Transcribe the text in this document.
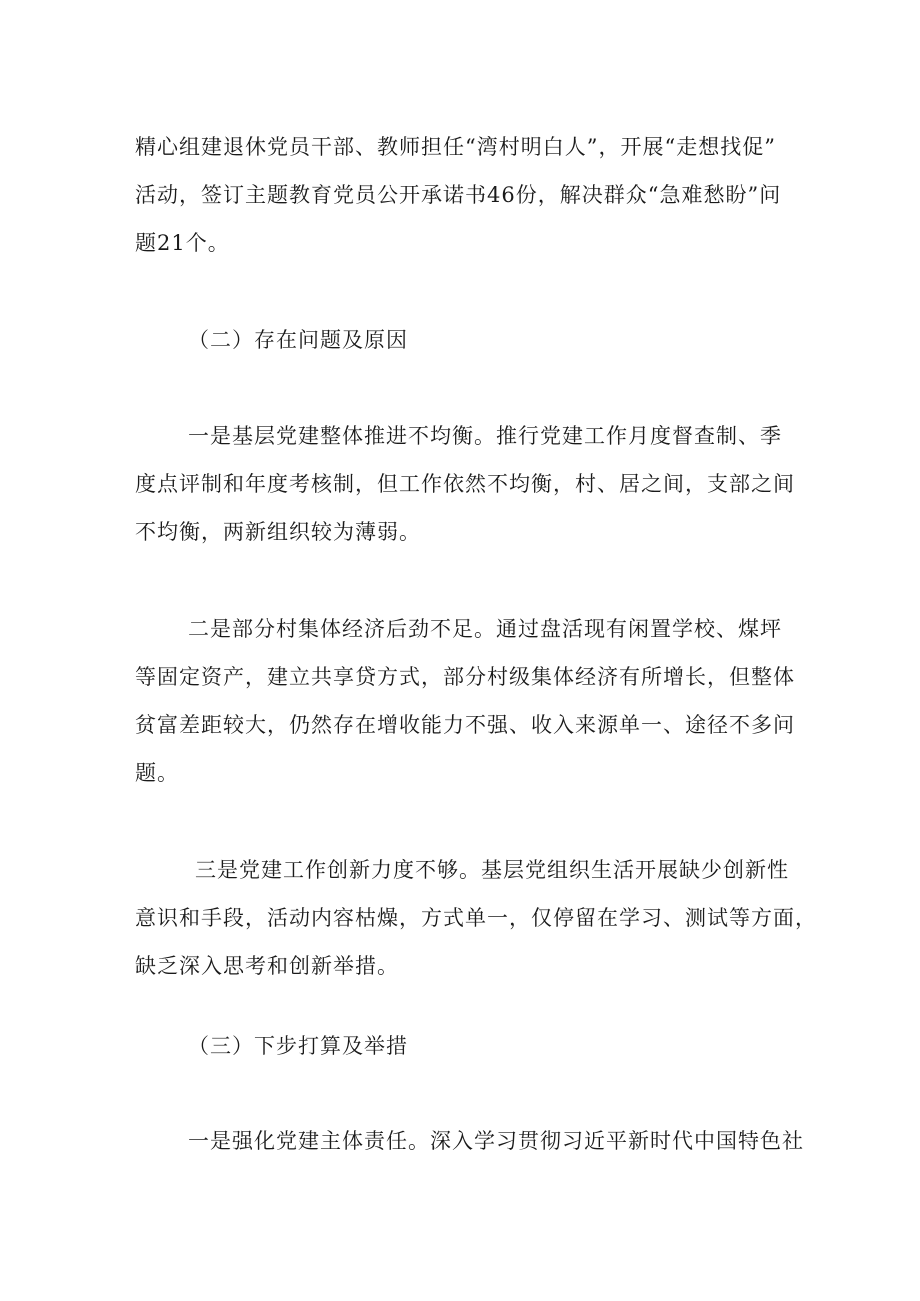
精心组建退休党员干部、教师担任“湾村明白人”，开展“走想找促”
活动，签订主题教育党员公开承诺书46份，解决群众“急难愁盼”问
题21个。
（二）存在问题及原因
一是基层党建整体推进不均衡。推行党建工作月度督查制、季
度点评制和年度考核制，但工作依然不均衡，村、居之间，支部之间
不均衡，两新组织较为薄弱。
二是部分村集体经济后劲不足。通过盘活现有闲置学校、煤坪
等固定资产，建立共享贷方式，部分村级集体经济有所增长，但整体
贫富差距较大，仍然存在增收能力不强、收入来源单一、途径不多问
题。
三是党建工作创新力度不够。基层党组织生活开展缺少创新性
意识和手段，活动内容枯燥，方式单一，仅停留在学习、测试等方面，
缺乏深入思考和创新举措。
（三）下步打算及举措
一是强化党建主体责任。深入学习贯彻习近平新时代中国特色社
